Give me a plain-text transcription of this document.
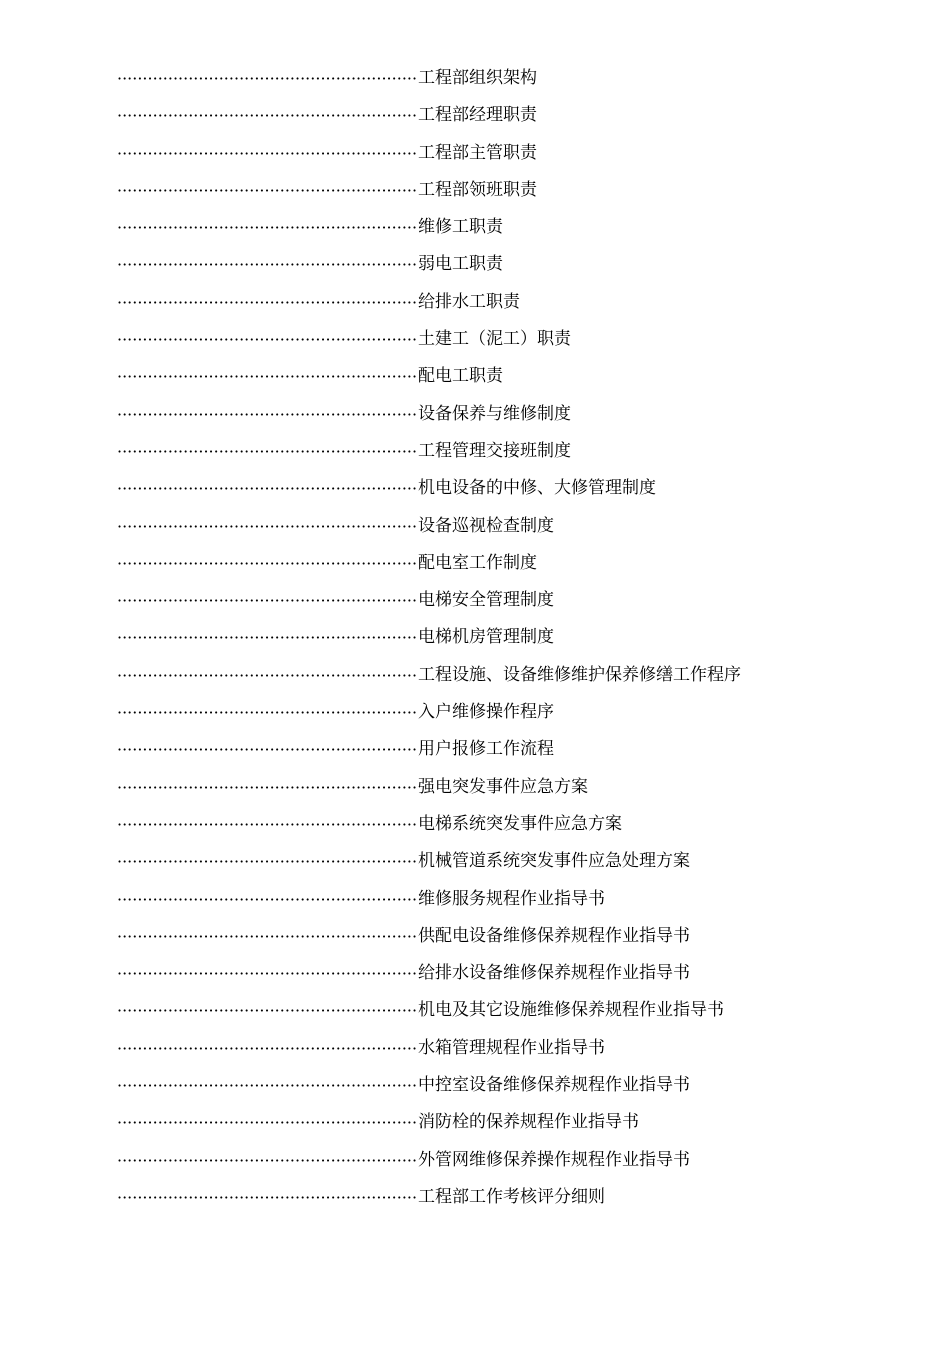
·····
工程部组织架构
·····
工程部经理职责
·····
工程部主管职责
·····
工程部领班职责
·····
维修工职责
·····
弱电工职责
·····
给排水工职责
·····
土建工（泥工）职责
·····
配电工职责
·····
设备保养与维修制度
·····
工程管理交接班制度
·····
机电设备的中修、大修管理制度
·····
设备巡视检查制度
·····
配电室工作制度
·····
电梯安全管理制度
·····
电梯机房管理制度
·····
工程设施、设备维修维护保养修缮工作程序
·····
入户维修操作程序
·····
用户报修工作流程
·····
强电突发事件应急方案
·····
电梯系统突发事件应急方案
·····
机械管道系统突发事件应急处理方案
·····
维修服务规程作业指导书
·····
供配电设备维修保养规程作业指导书
·····
给排水设备维修保养规程作业指导书
·····
机电及其它设施维修保养规程作业指导书
·····
水箱管理规程作业指导书
·····
中控室设备维修保养规程作业指导书
·····
消防栓的保养规程作业指导书
·····
外管网维修保养操作规程作业指导书
·····
工程部工作考核评分细则
